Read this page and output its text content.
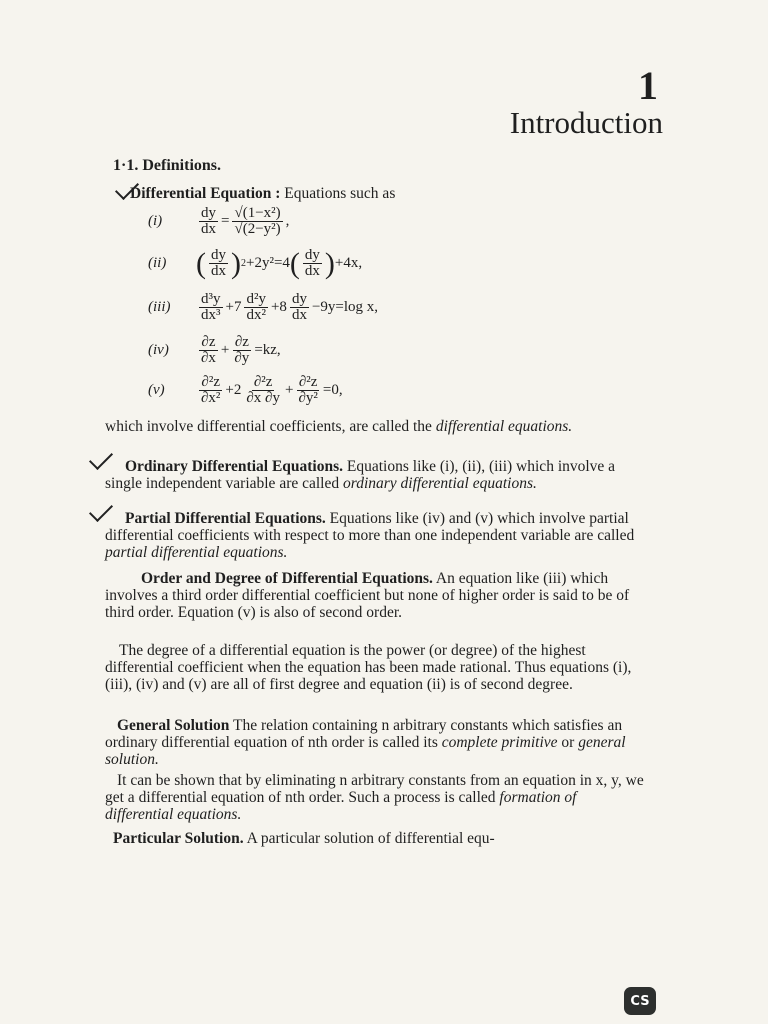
1
Introduction
1·1. Definitions.
Differential Equation : Equations such as
(i)	$\frac{dy}{dx} = \frac{\text{√(1−x²)}}{\text{√(2−y²)}}$ ,
(ii) ( $\frac{dy}{dx}$ ) 2 +2y²=4 ( $\frac{dy}{dx}$ ) +4x,
(iii)	$\frac{\text{d³y}}{\text{dx³}} +7 \frac{\text{d²y}}{\text{dx²}} +8 \frac{dy}{dx} -9y=\log$ x,
(iv)	$\frac{\partial z}{\partial x} + \frac{\partial z}{\partial y} =kz$,
(v)	$\frac{\text{∂²z}}{\text{∂x²}} +2 \frac{\text{∂²z}}{\partial x \partial y} + \frac{\text{∂²z}}{\text{∂y²}} =0$,
which involve differential coefficients, are called the differential equations.
Ordinary Differential Equations. Equations like (i), (ii), (iii) which involve a single independent variable are called ordinary differential equations.
Partial Differential Equations. Equations like (iv) and (v) which involve partial differential coefficients with respect to more than one independent variable are called partial differential equations.
Order and Degree of Differential Equations. An equation like (iii) which involves a third order differential coefficient but none of higher order is said to be of third order. Equation (v) is also of second order.
The degree of a differential equation is the power (or degree) of the highest differential coefficient when the equation has been made rational. Thus equations (i), (iii), (iv) and (v) are all of first degree and equation (ii) is of second degree.
General Solution The relation containing n arbitrary constants which satisfies an ordinary differential equation of nth order is called its complete primitive or general solution.
It can be shown that by eliminating n arbitrary constants from an equation in x, y, we get a differential equation of nth order. Such a process is called formation of differential equations.
Particular Solution. A particular solution of differential equ-
CS
